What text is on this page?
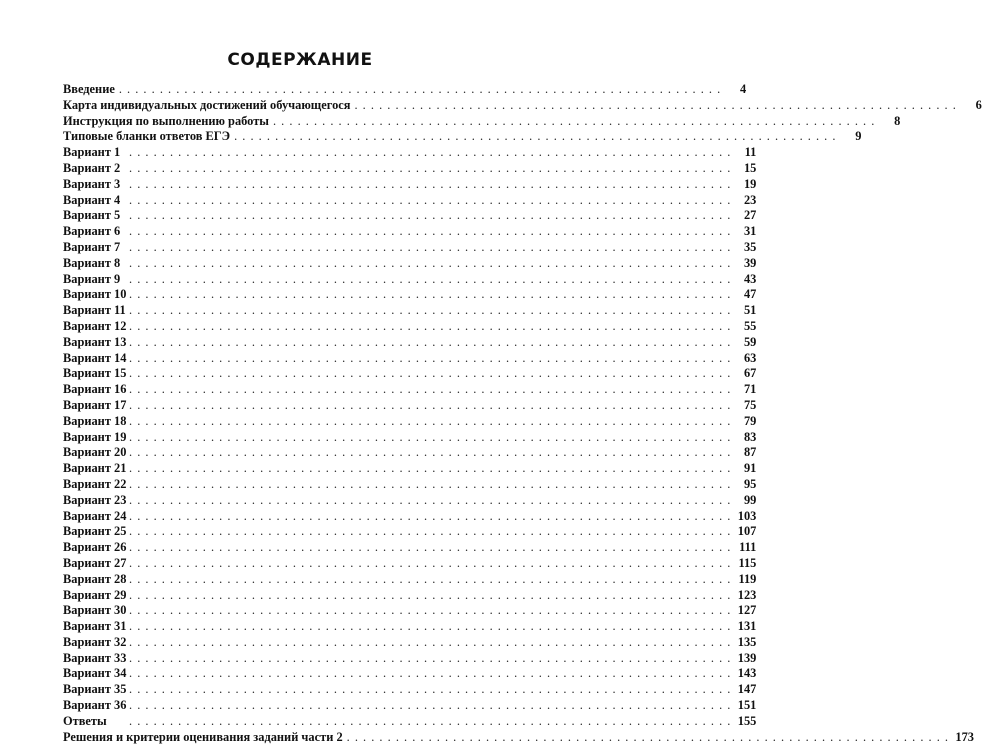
СОДЕРЖАНИЕ
Введение . . . . . . . . . . . . . . . . . . . . . . . . . . . . . . . . . . . . . . . . . . . . . . . . . . . . . . . . . . . . . . . . . . . . . . . . . .	4
Карта индивидуальных достижений обучающегося . . . . . . . . . . . . . . . . . . . . . . . . . . . . . . . . . . . . . . . . . . . . . . . . . . . . . . . . . . . . . . . . . . . . . . . . . .	6
Инструкция по выполнению работы . . . . . . . . . . . . . . . . . . . . . . . . . . . . . . . . . . . . . . . . . . . . . . . . . . . . . . . . . . . . . . . . . . . . . . . . . .	8
Типовые бланки ответов ЕГЭ . . . . . . . . . . . . . . . . . . . . . . . . . . . . . . . . . . . . . . . . . . . . . . . . . . . . . . . . . . . . . . . . . . . . . . . . . .	9
Вариант 1 . . . . . . . . . . . . . . . . . . . . . . . . . . . . . . . . . . . . . . . . . . . . . . . . . . . . . . . . . . . . . . . . . . . . . . . . . .	11
Вариант 2 . . . . . . . . . . . . . . . . . . . . . . . . . . . . . . . . . . . . . . . . . . . . . . . . . . . . . . . . . . . . . . . . . . . . . . . . . .	15
Вариант 3 . . . . . . . . . . . . . . . . . . . . . . . . . . . . . . . . . . . . . . . . . . . . . . . . . . . . . . . . . . . . . . . . . . . . . . . . . .	19
Вариант 4 . . . . . . . . . . . . . . . . . . . . . . . . . . . . . . . . . . . . . . . . . . . . . . . . . . . . . . . . . . . . . . . . . . . . . . . . . .	23
Вариант 5 . . . . . . . . . . . . . . . . . . . . . . . . . . . . . . . . . . . . . . . . . . . . . . . . . . . . . . . . . . . . . . . . . . . . . . . . . .	27
Вариант 6 . . . . . . . . . . . . . . . . . . . . . . . . . . . . . . . . . . . . . . . . . . . . . . . . . . . . . . . . . . . . . . . . . . . . . . . . . .	31
Вариант 7 . . . . . . . . . . . . . . . . . . . . . . . . . . . . . . . . . . . . . . . . . . . . . . . . . . . . . . . . . . . . . . . . . . . . . . . . . .	35
Вариант 8 . . . . . . . . . . . . . . . . . . . . . . . . . . . . . . . . . . . . . . . . . . . . . . . . . . . . . . . . . . . . . . . . . . . . . . . . . .	39
Вариант 9 . . . . . . . . . . . . . . . . . . . . . . . . . . . . . . . . . . . . . . . . . . . . . . . . . . . . . . . . . . . . . . . . . . . . . . . . . .	43
Вариант 10 . . . . . . . . . . . . . . . . . . . . . . . . . . . . . . . . . . . . . . . . . . . . . . . . . . . . . . . . . . . . . . . . . . . . . . . . . .	47
Вариант 11 . . . . . . . . . . . . . . . . . . . . . . . . . . . . . . . . . . . . . . . . . . . . . . . . . . . . . . . . . . . . . . . . . . . . . . . . . .	51
Вариант 12 . . . . . . . . . . . . . . . . . . . . . . . . . . . . . . . . . . . . . . . . . . . . . . . . . . . . . . . . . . . . . . . . . . . . . . . . . .	55
Вариант 13 . . . . . . . . . . . . . . . . . . . . . . . . . . . . . . . . . . . . . . . . . . . . . . . . . . . . . . . . . . . . . . . . . . . . . . . . . .	59
Вариант 14 . . . . . . . . . . . . . . . . . . . . . . . . . . . . . . . . . . . . . . . . . . . . . . . . . . . . . . . . . . . . . . . . . . . . . . . . . .	63
Вариант 15 . . . . . . . . . . . . . . . . . . . . . . . . . . . . . . . . . . . . . . . . . . . . . . . . . . . . . . . . . . . . . . . . . . . . . . . . . .	67
Вариант 16 . . . . . . . . . . . . . . . . . . . . . . . . . . . . . . . . . . . . . . . . . . . . . . . . . . . . . . . . . . . . . . . . . . . . . . . . . .	71
Вариант 17 . . . . . . . . . . . . . . . . . . . . . . . . . . . . . . . . . . . . . . . . . . . . . . . . . . . . . . . . . . . . . . . . . . . . . . . . . .	75
Вариант 18 . . . . . . . . . . . . . . . . . . . . . . . . . . . . . . . . . . . . . . . . . . . . . . . . . . . . . . . . . . . . . . . . . . . . . . . . . .	79
Вариант 19 . . . . . . . . . . . . . . . . . . . . . . . . . . . . . . . . . . . . . . . . . . . . . . . . . . . . . . . . . . . . . . . . . . . . . . . . . .	83
Вариант 20 . . . . . . . . . . . . . . . . . . . . . . . . . . . . . . . . . . . . . . . . . . . . . . . . . . . . . . . . . . . . . . . . . . . . . . . . . .	87
Вариант 21 . . . . . . . . . . . . . . . . . . . . . . . . . . . . . . . . . . . . . . . . . . . . . . . . . . . . . . . . . . . . . . . . . . . . . . . . . .	91
Вариант 22 . . . . . . . . . . . . . . . . . . . . . . . . . . . . . . . . . . . . . . . . . . . . . . . . . . . . . . . . . . . . . . . . . . . . . . . . . .	95
Вариант 23 . . . . . . . . . . . . . . . . . . . . . . . . . . . . . . . . . . . . . . . . . . . . . . . . . . . . . . . . . . . . . . . . . . . . . . . . . .	99
Вариант 24 . . . . . . . . . . . . . . . . . . . . . . . . . . . . . . . . . . . . . . . . . . . . . . . . . . . . . . . . . . . . . . . . . . . . . . . . . . 103
Вариант 25 . . . . . . . . . . . . . . . . . . . . . . . . . . . . . . . . . . . . . . . . . . . . . . . . . . . . . . . . . . . . . . . . . . . . . . . . . . 107
Вариант 26 . . . . . . . . . . . . . . . . . . . . . . . . . . . . . . . . . . . . . . . . . . . . . . . . . . . . . . . . . . . . . . . . . . . . . . . . . . 111
Вариант 27 . . . . . . . . . . . . . . . . . . . . . . . . . . . . . . . . . . . . . . . . . . . . . . . . . . . . . . . . . . . . . . . . . . . . . . . . . . 115
Вариант 28 . . . . . . . . . . . . . . . . . . . . . . . . . . . . . . . . . . . . . . . . . . . . . . . . . . . . . . . . . . . . . . . . . . . . . . . . . . 119
Вариант 29 . . . . . . . . . . . . . . . . . . . . . . . . . . . . . . . . . . . . . . . . . . . . . . . . . . . . . . . . . . . . . . . . . . . . . . . . . . 123
Вариант 30 . . . . . . . . . . . . . . . . . . . . . . . . . . . . . . . . . . . . . . . . . . . . . . . . . . . . . . . . . . . . . . . . . . . . . . . . . . 127
Вариант 31 . . . . . . . . . . . . . . . . . . . . . . . . . . . . . . . . . . . . . . . . . . . . . . . . . . . . . . . . . . . . . . . . . . . . . . . . . . 131
Вариант 32 . . . . . . . . . . . . . . . . . . . . . . . . . . . . . . . . . . . . . . . . . . . . . . . . . . . . . . . . . . . . . . . . . . . . . . . . . . 135
Вариант 33 . . . . . . . . . . . . . . . . . . . . . . . . . . . . . . . . . . . . . . . . . . . . . . . . . . . . . . . . . . . . . . . . . . . . . . . . . . 139
Вариант 34 . . . . . . . . . . . . . . . . . . . . . . . . . . . . . . . . . . . . . . . . . . . . . . . . . . . . . . . . . . . . . . . . . . . . . . . . . . 143
Вариант 35 . . . . . . . . . . . . . . . . . . . . . . . . . . . . . . . . . . . . . . . . . . . . . . . . . . . . . . . . . . . . . . . . . . . . . . . . . . 147
Вариант 36 . . . . . . . . . . . . . . . . . . . . . . . . . . . . . . . . . . . . . . . . . . . . . . . . . . . . . . . . . . . . . . . . . . . . . . . . . . 151
Ответы	. . . . . . . . . . . . . . . . . . . . . . . . . . . . . . . . . . . . . . . . . . . . . . . . . . . . . . . . . . . . . . . . . . . . . . . . . . 155
Решения и критерии оценивания заданий части 2 . . . . . . . . . . . . . . . . . . . . . . . . . . . . . . . . . . . . . . . . . . . . . . . . . . . . . . . . . . . . . . . . . . . . . . . . . . 173
